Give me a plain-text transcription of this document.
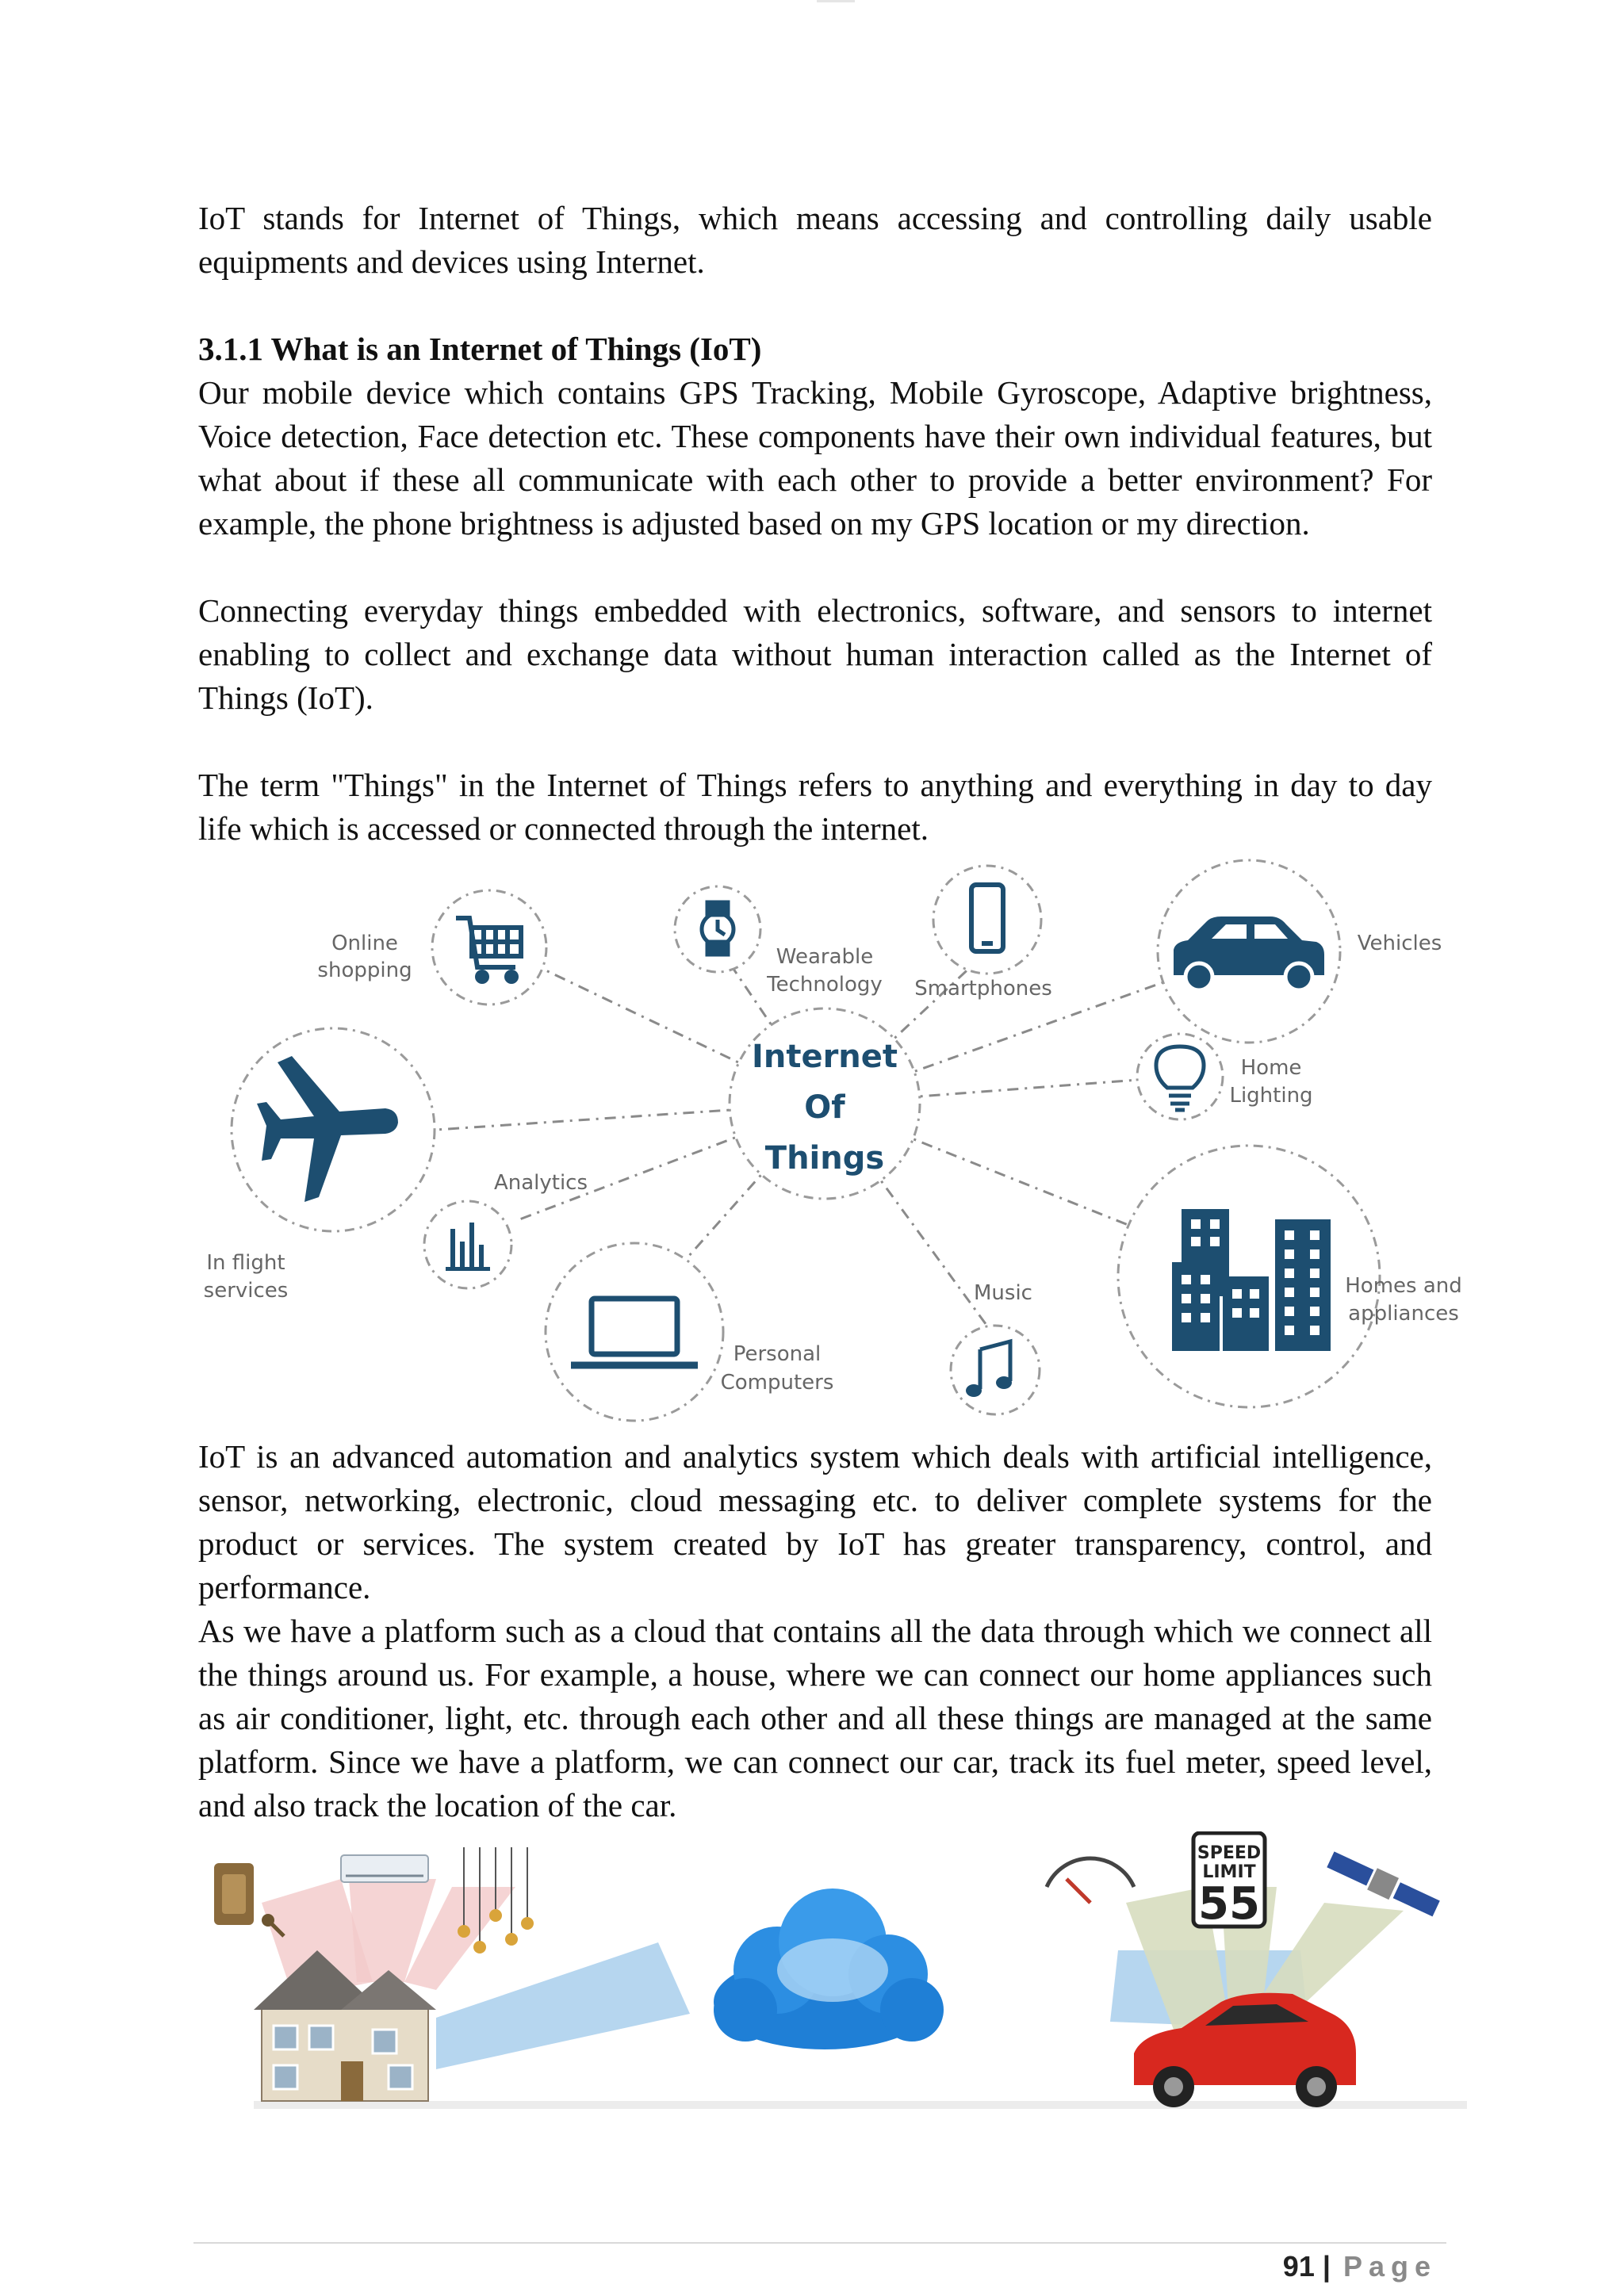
IoT stands for Internet of Things, which means accessing and controlling daily usable equipments and devices using Internet.

3.1.1 What is an Internet of Things (IoT)

Our mobile device which contains GPS Tracking, Mobile Gyroscope, Adaptive brightness, Voice detection, Face detection etc. These components have their own individual features, but what about if these all communicate with each other to provide a better environment? For example, the phone brightness is adjusted based on my GPS location or my direction.

Connecting everyday things embedded with electronics, software, and sensors to internet enabling to collect and exchange data without human interaction called as the Internet of Things (IoT).

The term "Things" in the Internet of Things refers to anything and everything in day to day life which is accessed or connected through the internet.

Internet
Of
Things
Online
shopping
Wearable
Technology Smartphones
Vehicles
Home
Lighting
Analytics
In flight
services
Personal
Computers
Music	Homes and
appliances

IoT is an advanced automation and analytics system which deals with artificial intelligence, sensor, networking, electronic, cloud messaging etc. to deliver complete systems for the product or services. The system created by IoT has greater transparency, control, and performance.

As we have a platform such as a cloud that contains all the data through which we connect all the things around us. For example, a house, where we can connect our home appliances such as air conditioner, light, etc. through each other and all these things are managed at the same platform. Since we have a platform, we can connect our car, track its fuel meter, speed level, and also track the location of the car.

SPEED
LIMIT
55
91 | Page
